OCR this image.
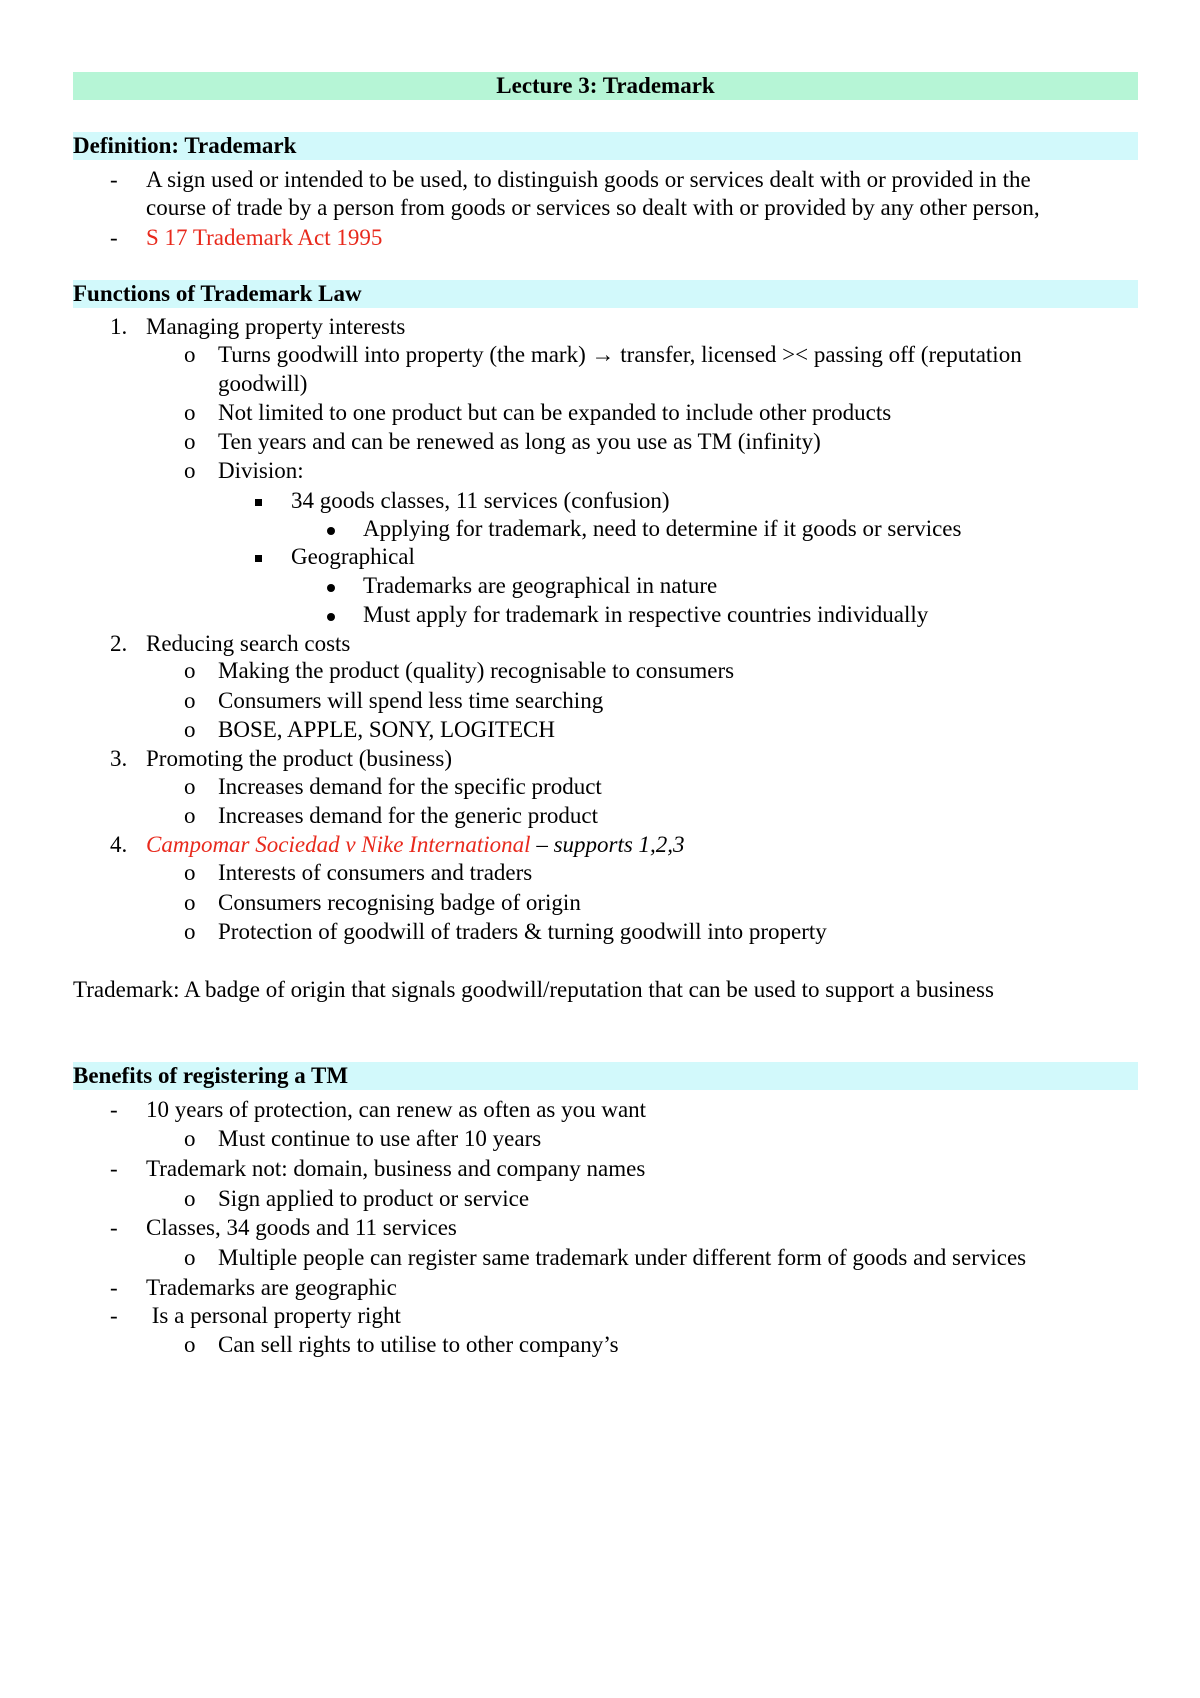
Lecture 3: Trademark
Definition: Trademark
- A sign used or intended to be used, to distinguish goods or services dealt with or provided in the
course of trade by a person from goods or services so dealt with or provided by any other person,
- S 17 Trademark Act 1995
Functions of Trademark Law
1. Managing property interests
o Turns goodwill into property (the mark) → transfer, licensed >< passing off (reputation
goodwill)
o Not limited to one product but can be expanded to include other products
o Ten years and can be renewed as long as you use as TM (infinity)
o Division:
34 goods classes, 11 services (confusion)
Applying for trademark, need to determine if it goods or services
Geographical
Trademarks are geographical in nature
Must apply for trademark in respective countries individually
2. Reducing search costs
o Making the product (quality) recognisable to consumers
o Consumers will spend less time searching
o BOSE, APPLE, SONY, LOGITECH
3. Promoting the product (business)
o Increases demand for the specific product
o Increases demand for the generic product
4. Campomar Sociedad v Nike International – supports 1,2,3
o Interests of consumers and traders
o Consumers recognising badge of origin
o Protection of goodwill of traders & turning goodwill into property
Trademark: A badge of origin that signals goodwill/reputation that can be used to support a business
Benefits of registering a TM
- 10 years of protection, can renew as often as you want
o Must continue to use after 10 years
- Trademark not: domain, business and company names
o Sign applied to product or service
- Classes, 34 goods and 11 services
o Multiple people can register same trademark under different form of goods and services
- Trademarks are geographic
- Is a personal property right
o Can sell rights to utilise to other company’s
